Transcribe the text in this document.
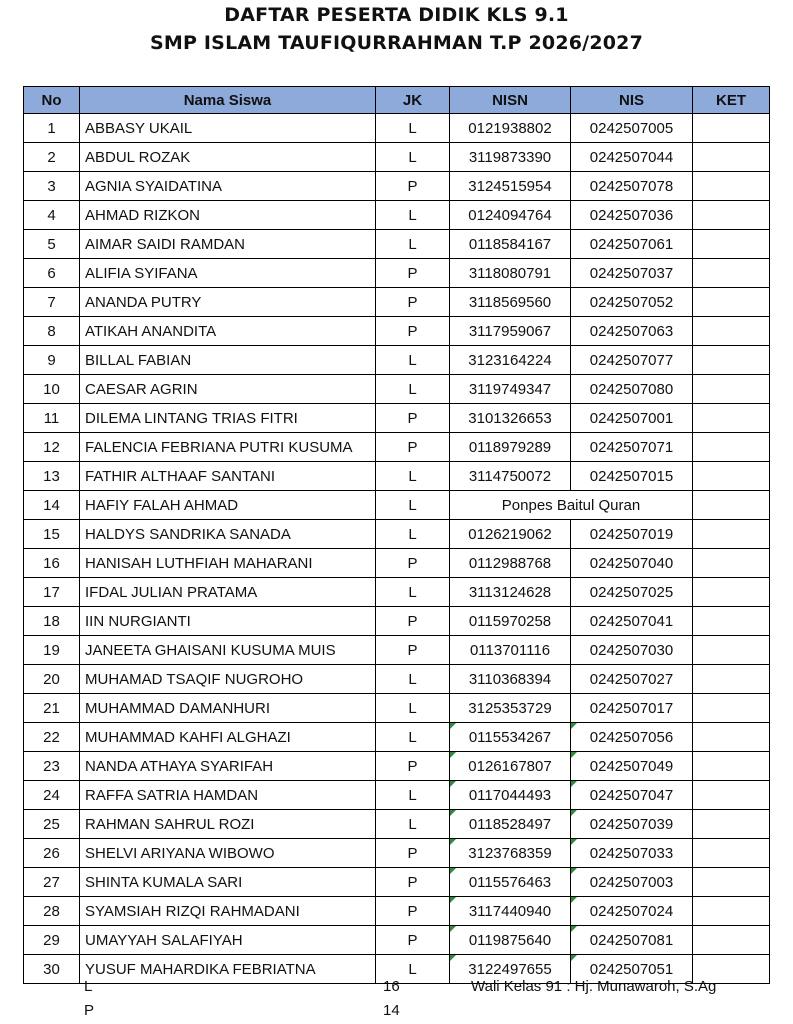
DAFTAR PESERTA DIDIK KLS 9.1
SMP ISLAM TAUFIQURRAHMAN T.P 2026/2027
No	Nama Siswa	JK	NISN	NIS	KET
1	ABBASY UKAIL	L	0121938802	0242507005	
2	ABDUL ROZAK	L	3119873390	0242507044	
3	AGNIA SYAIDATINA	P	3124515954	0242507078	
4	AHMAD RIZKON	L	0124094764	0242507036	
5	AIMAR SAIDI RAMDAN	L	0118584167	0242507061	
6	ALIFIA SYIFANA	P	3118080791	0242507037	
7	ANANDA PUTRY	P	3118569560	0242507052	
8	ATIKAH ANANDITA	P	3117959067	0242507063	
9	BILLAL FABIAN	L	3123164224	0242507077	
10	CAESAR AGRIN	L	3119749347	0242507080	
11	DILEMA LINTANG TRIAS FITRI	P	3101326653	0242507001	
12	FALENCIA FEBRIANA PUTRI KUSUMA	P	0118979289	0242507071	
13	FATHIR ALTHAAF SANTANI	L	3114750072	0242507015	
14	HAFIY FALAH AHMAD	L	Ponpes Baitul Quran		
15	HALDYS SANDRIKA SANADA	L	0126219062	0242507019	
16	HANISAH LUTHFIAH MAHARANI	P	0112988768	0242507040	
17	IFDAL JULIAN PRATAMA	L	3113124628	0242507025	
18	IIN NURGIANTI	P	0115970258	0242507041	
19	JANEETA GHAISANI KUSUMA MUIS	P	0113701116	0242507030	
20	MUHAMAD TSAQIF NUGROHO	L	3110368394	0242507027	
21	MUHAMMAD DAMANHURI	L	3125353729	0242507017	
22	MUHAMMAD KAHFI ALGHAZI	L	0115534267	0242507056	
23	NANDA ATHAYA SYARIFAH	P	0126167807	0242507049	
24	RAFFA SATRIA HAMDAN	L	0117044493	0242507047	
25	RAHMAN SAHRUL ROZI	L	0118528497	0242507039	
26	SHELVI ARIYANA WIBOWO	P	3123768359	0242507033	
27	SHINTA KUMALA SARI	P	0115576463	0242507003	
28	SYAMSIAH RIZQI RAHMADANI	P	3117440940	0242507024	
29	UMAYYAH SALAFIYAH	P	0119875640	0242507081	
30	YUSUF MAHARDIKA FEBRIATNA	L	3122497655	0242507051	
L	16	Wali Kelas 91 : Hj. Munawaroh, S.Ag
P	14
